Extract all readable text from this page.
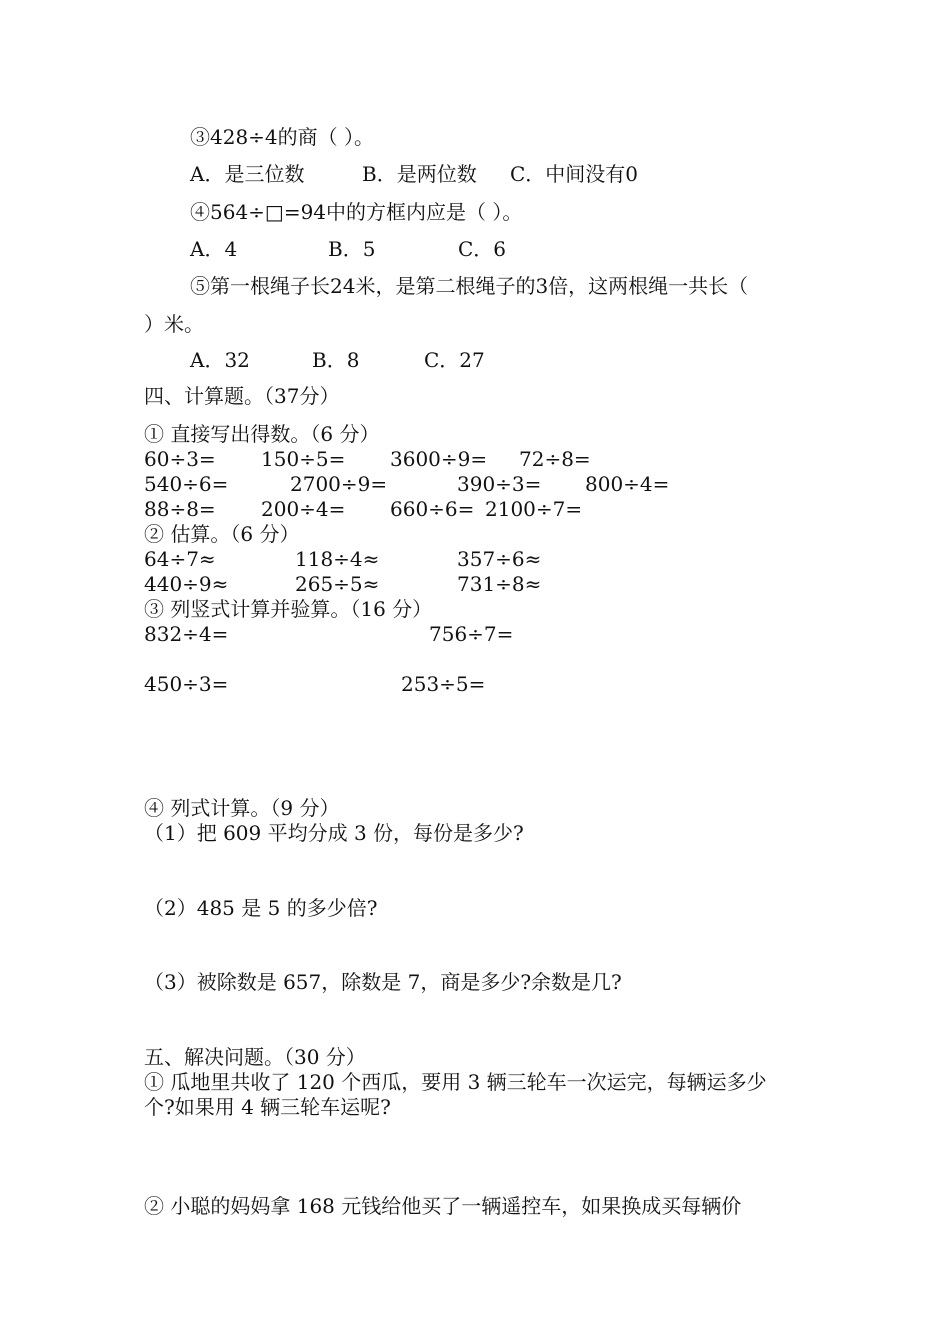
③428÷4的商（ ）。
A．是三位数	B．是两位数 C．中间没有0
④564÷□=94中的方框内应是（ ）。
A．4	B．5	C．6
⑤第一根绳子长24米，是第二根绳子的3倍，这两根绳一共长（
）米。
A．32	B．8	C．27
四、计算题。（37分）
① 直接写出得数。（6 分）
60÷3= 150÷5= 3600÷9= 72÷8=
540÷6=	2700÷9=	390÷3= 800÷4=
88÷8= 200÷4= 660÷6= 2100÷7=
② 估算。（6 分）
64÷7≈	118÷4≈	357÷6≈
440÷9≈	265÷5≈	731÷8≈
③ 列竖式计算并验算。（16 分）
832÷4=	756÷7=
450÷3=	253÷5=
④ 列式计算。（9 分）
（1）把 609 平均分成 3 份，每份是多少?
（2）485 是 5 的多少倍?
（3）被除数是 657，除数是 7，商是多少?余数是几?
五、解决问题。（30 分）
① 瓜地里共收了 120 个西瓜，要用 3 辆三轮车一次运完，每辆运多少
个?如果用 4 辆三轮车运呢?
② 小聪的妈妈拿 168 元钱给他买了一辆遥控车，如果换成买每辆价
